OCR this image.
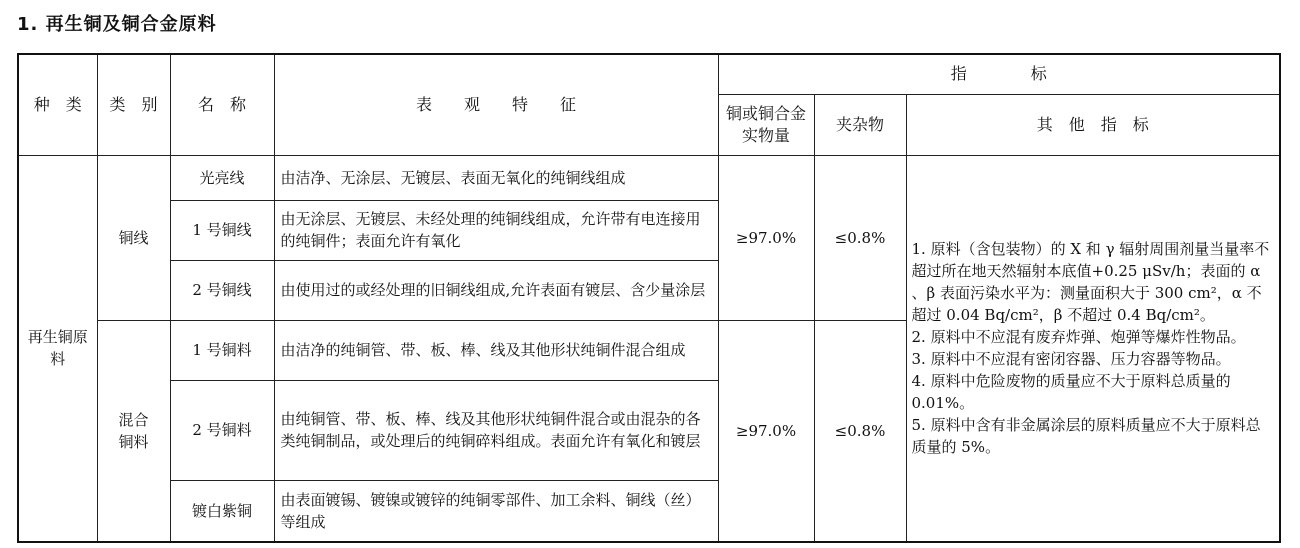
1. 再生铜及铜合金原料
种　类	类　别	名　称	表　　观　　特　　征	指　　　　标		
				铜或铜合金实物量	夹杂物	其　他　指　标
再生铜原料	铜线	光亮线	由洁净、无涂层、无镀层、表面无氧化的纯铜线组成	≥97.0%	≤0.8%	1. 原料（含包装物）的 X 和 γ 辐射周围剂量当量率不超过所在地天然辐射本底值+0.25 μSv/h；表面的 α 、β 表面污染水平为：测量面积大于 300 cm²，α 不超过 0.04 Bq/cm²，β 不超过 0.4 Bq/cm²。

2. 原料中不应混有废弃炸弹、炮弹等爆炸性物品。

3. 原料中不应混有密闭容器、压力容器等物品。

4. 原料中危险废物的质量应不大于原料总质量的 0.01%。

5. 原料中含有非金属涂层的原料质量应不大于原料总质量的 5%。

		1 号铜线	由无涂层、无镀层、未经处理的纯铜线组成，允许带有电连接用的纯铜件；表面允许有氧化			
		2 号铜线	由使用过的或经处理的旧铜线组成,允许表面有镀层、含少量涂层			
	混合铜料	1 号铜料	由洁净的纯铜管、带、板、棒、线及其他形状纯铜件混合组成	≥97.0%	≤0.8%	
		2 号铜料	由纯铜管、带、板、棒、线及其他形状纯铜件混合或由混杂的各类纯铜制品，或处理后的纯铜碎料组成。表面允许有氧化和镀层			
		镀白紫铜	由表面镀锡、镀镍或镀锌的纯铜零部件、加工余料、铜线（丝）等组成			
